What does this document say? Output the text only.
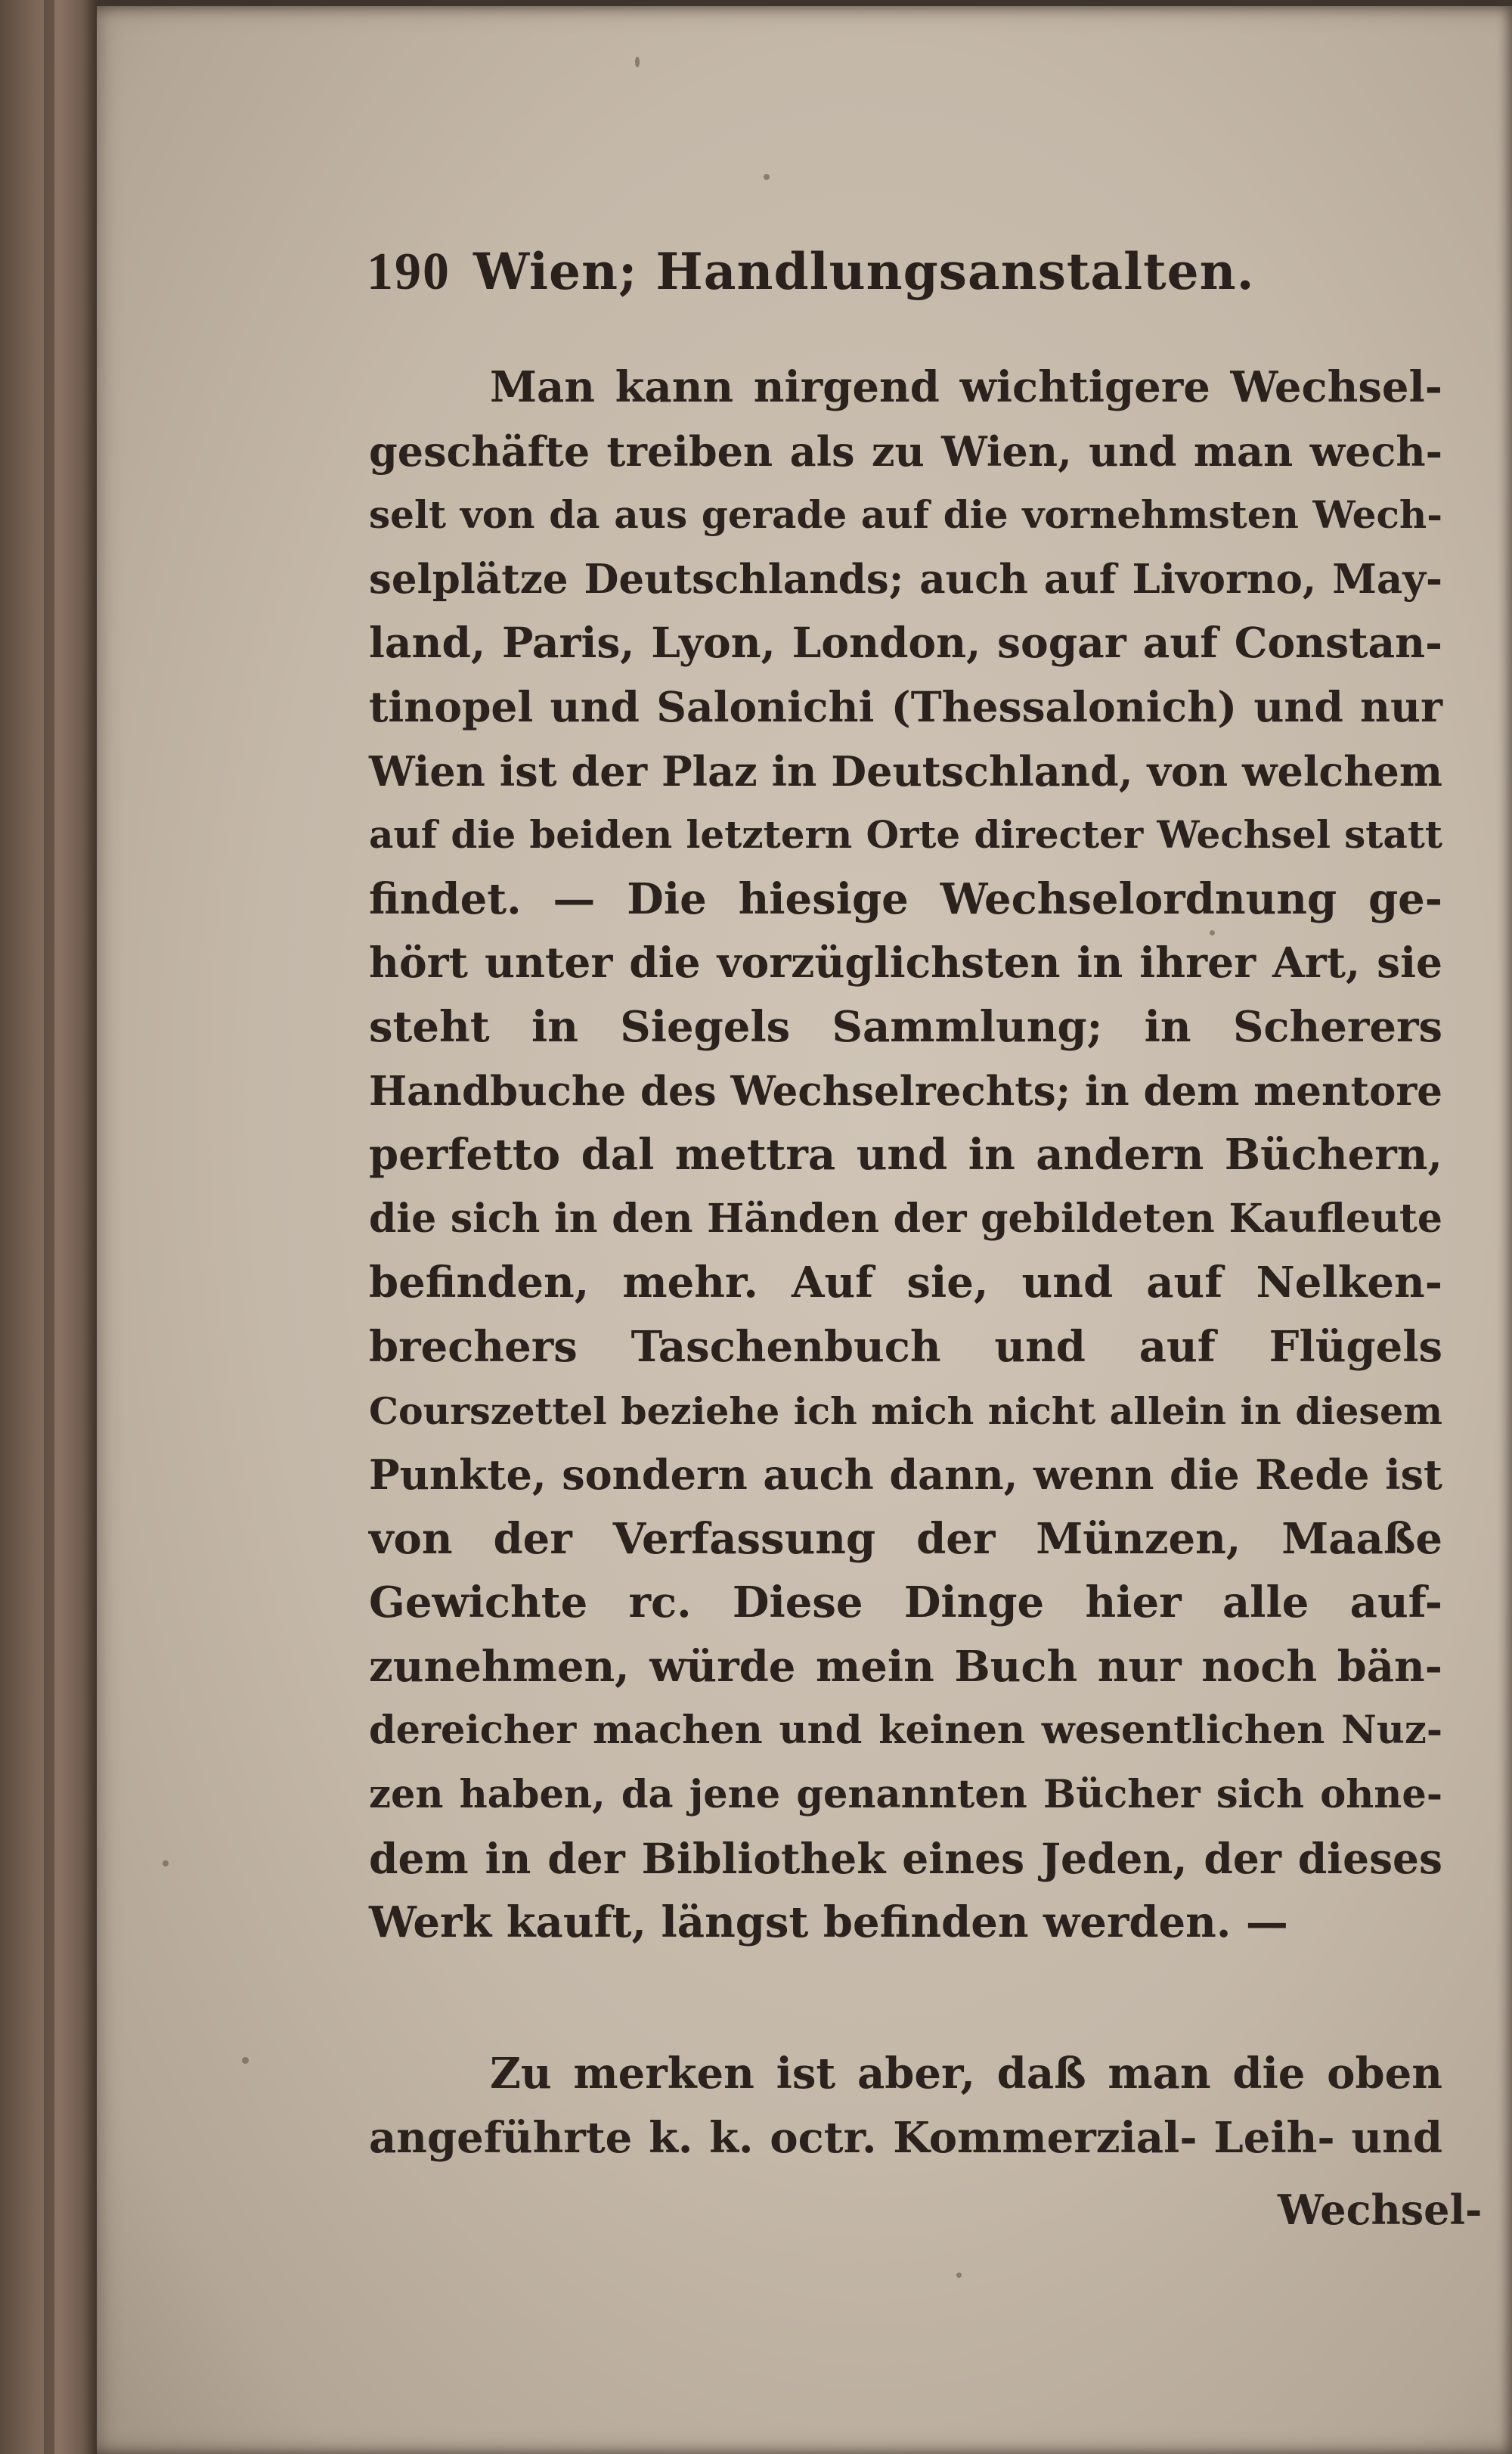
190 Wien; Handlungsanstalten.
Man kann nirgend wichtigere Wechsel-
geschäfte treiben als zu Wien, und man wech-
selt von da aus gerade auf die vornehmsten Wech-
selplätze Deutschlands; auch auf Livorno, May-
land, Paris, Lyon, London, sogar auf Constan-
tinopel und Salonichi (Thessalonich) und nur
Wien ist der Plaz in Deutschland, von welchem
auf die beiden letztern Orte directer Wechsel statt
findet. — Die hiesige Wechselordnung ge-
hört unter die vorzüglichsten in ihrer Art, sie
steht in Siegels Sammlung; in Scherers
Handbuche des Wechselrechts; in dem mentore
perfetto dal mettra und in andern Büchern,
die sich in den Händen der gebildeten Kaufleute
befinden, mehr. Auf sie, und auf Nelken-
brechers Taschenbuch und auf Flügels
Courszettel beziehe ich mich nicht allein in diesem
Punkte, sondern auch dann, wenn die Rede ist
von der Verfassung der Münzen, Maaße
Gewichte rc. Diese Dinge hier alle auf-
zunehmen, würde mein Buch nur noch bän-
dereicher machen und keinen wesentlichen Nuz-
zen haben, da jene genannten Bücher sich ohne-
dem in der Bibliothek eines Jeden, der dieses
Werk kauft, längst befinden werden. —
Zu merken ist aber, daß man die oben
angeführte k. k. octr. Kommerzial- Leih- und
Wechsel-
